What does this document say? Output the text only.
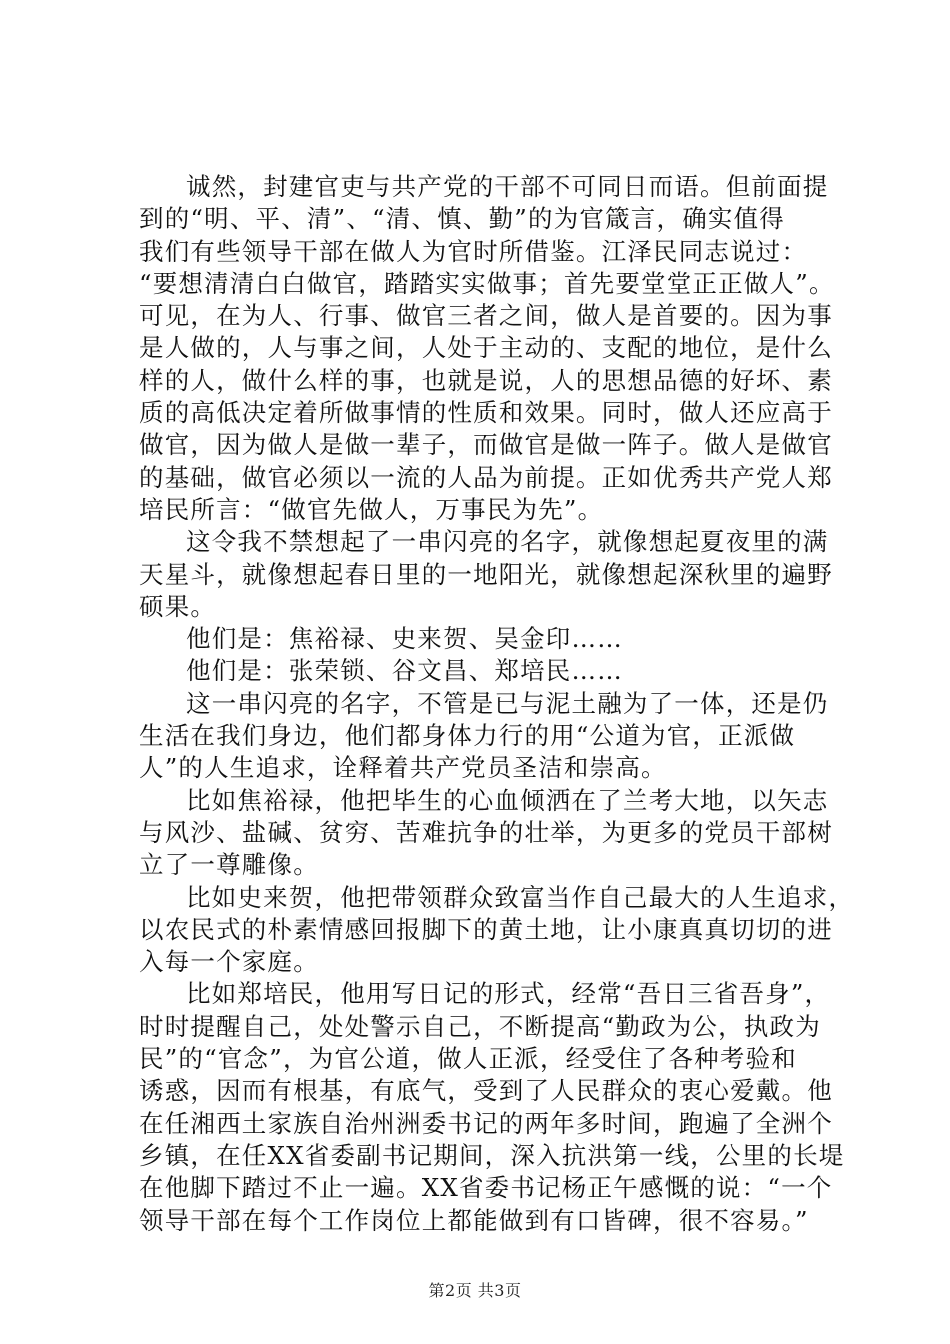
诚然，封建官吏与共产党的干部不可同日而语。但前面提
到的“明、平、清”、“清、慎、勤”的为官箴言，确实值得
我们有些领导干部在做人为官时所借鉴。江泽民同志说过：
“要想清清白白做官，踏踏实实做事；首先要堂堂正正做人”。
可见，在为人、行事、做官三者之间，做人是首要的。因为事
是人做的，人与事之间，人处于主动的、支配的地位，是什么
样的人，做什么样的事，也就是说，人的思想品德的好坏、素
质的高低决定着所做事情的性质和效果。同时，做人还应高于
做官，因为做人是做一辈子，而做官是做一阵子。做人是做官
的基础，做官必须以一流的人品为前提。正如优秀共产党人郑
培民所言：“做官先做人，万事民为先”。
这令我不禁想起了一串闪亮的名字，就像想起夏夜里的满
天星斗，就像想起春日里的一地阳光，就像想起深秋里的遍野
硕果。
他们是：焦裕禄、史来贺、吴金印……
他们是：张荣锁、谷文昌、郑培民……
这一串闪亮的名字，不管是已与泥土融为了一体，还是仍
生活在我们身边，他们都身体力行的用“公道为官，正派做
人”的人生追求，诠释着共产党员圣洁和崇高。
比如焦裕禄，他把毕生的心血倾洒在了兰考大地，以矢志
与风沙、盐碱、贫穷、苦难抗争的壮举，为更多的党员干部树
立了一尊雕像。
比如史来贺，他把带领群众致富当作自己最大的人生追求，
以农民式的朴素情感回报脚下的黄土地，让小康真真切切的进
入每一个家庭。
比如郑培民，他用写日记的形式，经常“吾日三省吾身”，
时时提醒自己，处处警示自己，不断提高“勤政为公，执政为
民”的“官念”，为官公道，做人正派，经受住了各种考验和
诱惑，因而有根基，有底气，受到了人民群众的衷心爱戴。他
在任湘西土家族自治州洲委书记的两年多时间，跑遍了全洲个
乡镇，在任XX省委副书记期间，深入抗洪第一线，公里的长堤
在他脚下踏过不止一遍。XX省委书记杨正午感慨的说：“一个
领导干部在每个工作岗位上都能做到有口皆碑，很不容易。”
第2页 共3页
